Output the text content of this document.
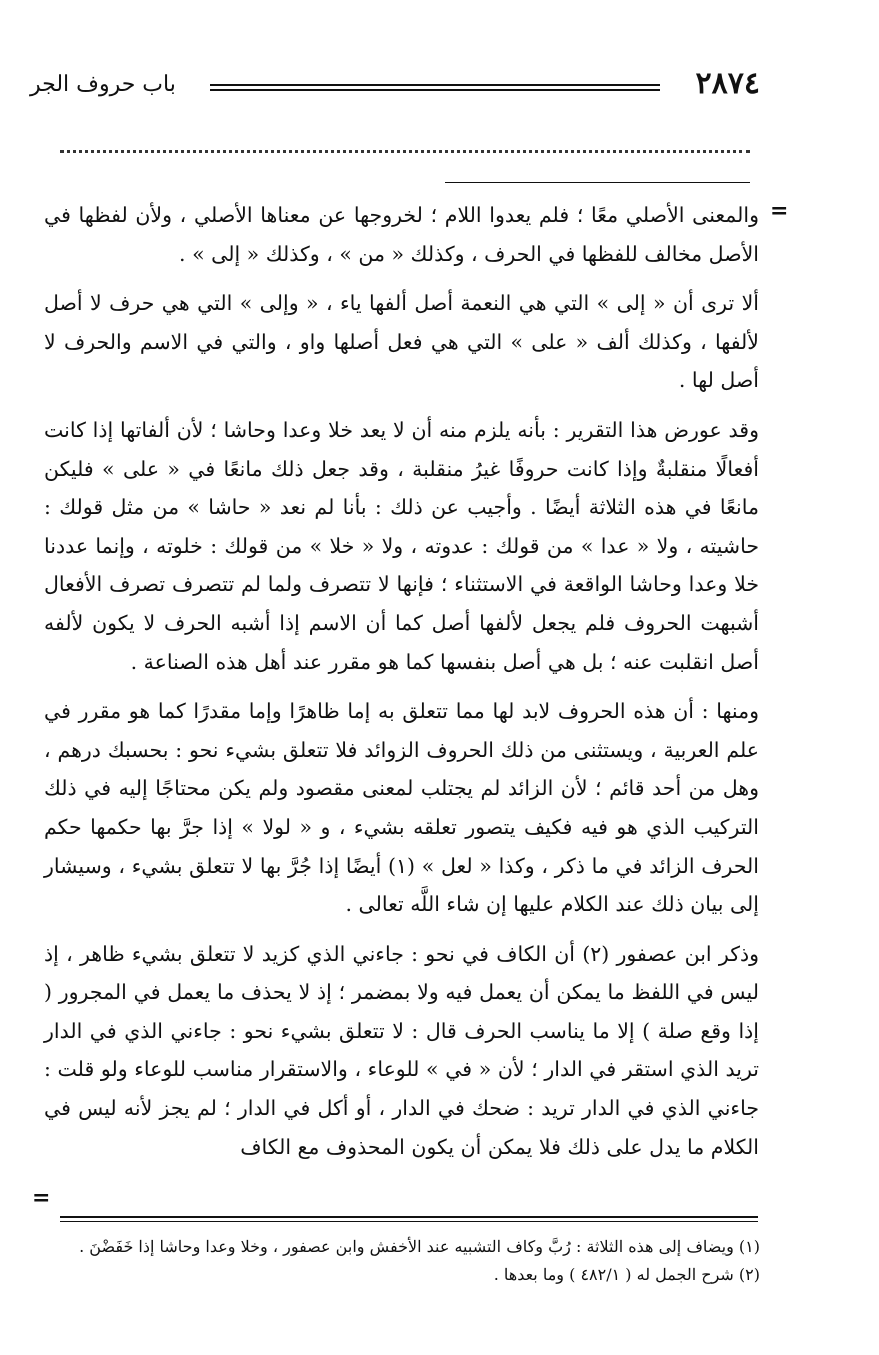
٢٨٧٤
باب حروف الجر
=

والمعنى الأصلي معًا ؛ فلم يعدوا اللام ؛ لخروجها عن معناها الأصلي ، ولأن لفظها في الأصل مخالف للفظها في الحرف ، وكذلك « من » ، وكذلك « إلى » .

ألا ترى أن « إلى » التي هي النعمة أصل ألفها ياء ، « وإلى » التي هي حرف لا أصل لألفها ، وكذلك ألف « على » التي هي فعل أصلها واو ، والتي في الاسم والحرف لا أصل لها .

وقد عورض هذا التقرير : بأنه يلزم منه أن لا يعد خلا وعدا وحاشا ؛ لأن ألفاتها إذا كانت أفعالًا منقلبةٌ وإذا كانت حروفًا غيرُ منقلبة ، وقد جعل ذلك مانعًا في « على » فليكن مانعًا في هذه الثلاثة أيضًا . وأجيب عن ذلك : بأنا لم نعد « حاشا » من مثل قولك : حاشيته ، ولا « عدا » من قولك : عدوته ، ولا « خلا » من قولك : خلوته ، وإنما عددنا خلا وعدا وحاشا الواقعة في الاستثناء ؛ فإنها لا تتصرف ولما لم تتصرف تصرف الأفعال أشبهت الحروف فلم يجعل لألفها أصل كما أن الاسم إذا أشبه الحرف لا يكون لألفه أصل انقلبت عنه ؛ بل هي أصل بنفسها كما هو مقرر عند أهل هذه الصناعة .

ومنها : أن هذه الحروف لابد لها مما تتعلق به إما ظاهرًا وإما مقدرًا كما هو مقرر في علم العربية ، ويستثنى من ذلك الحروف الزوائد فلا تتعلق بشيء نحو : بحسبك درهم ، وهل من أحد قائم ؛ لأن الزائد لم يجتلب لمعنى مقصود ولم يكن محتاجًا إليه في ذلك التركيب الذي هو فيه فكيف يتصور تعلقه بشيء ، و « لولا » إذا جرَّ بها حكمها حكم الحرف الزائد في ما ذكر ، وكذا « لعل » (١) أيضًا إذا جُرَّ بها لا تتعلق بشيء ، وسيشار إلى بيان ذلك عند الكلام عليها إن شاء اللَّه تعالى .

وذكر ابن عصفور (٢) أن الكاف في نحو : جاءني الذي كزيد لا تتعلق بشيء ظاهر ، إذ ليس في اللفظ ما يمكن أن يعمل فيه ولا بمضمر ؛ إذ لا يحذف ما يعمل في المجرور ( إذا وقع صلة ) إلا ما يناسب الحرف قال : لا تتعلق بشيء نحو : جاءني الذي في الدار تريد الذي استقر في الدار ؛ لأن « في » للوعاء ، والاستقرار مناسب للوعاء ولو قلت : جاءني الذي في الدار تريد : ضحك في الدار ، أو أكل في الدار ؛ لم يجز لأنه ليس في الكلام ما يدل على ذلك فلا يمكن أن يكون المحذوف مع الكاف

=
(١) ويضاف إلى هذه الثلاثة : رُبَّ وكاف التشبيه عند الأخفش وابن عصفور ، وخلا وعدا وحاشا إذا خَفَضْنَ .
(٢) شرح الجمل له ( ٤٨٢/١ ) وما بعدها .
